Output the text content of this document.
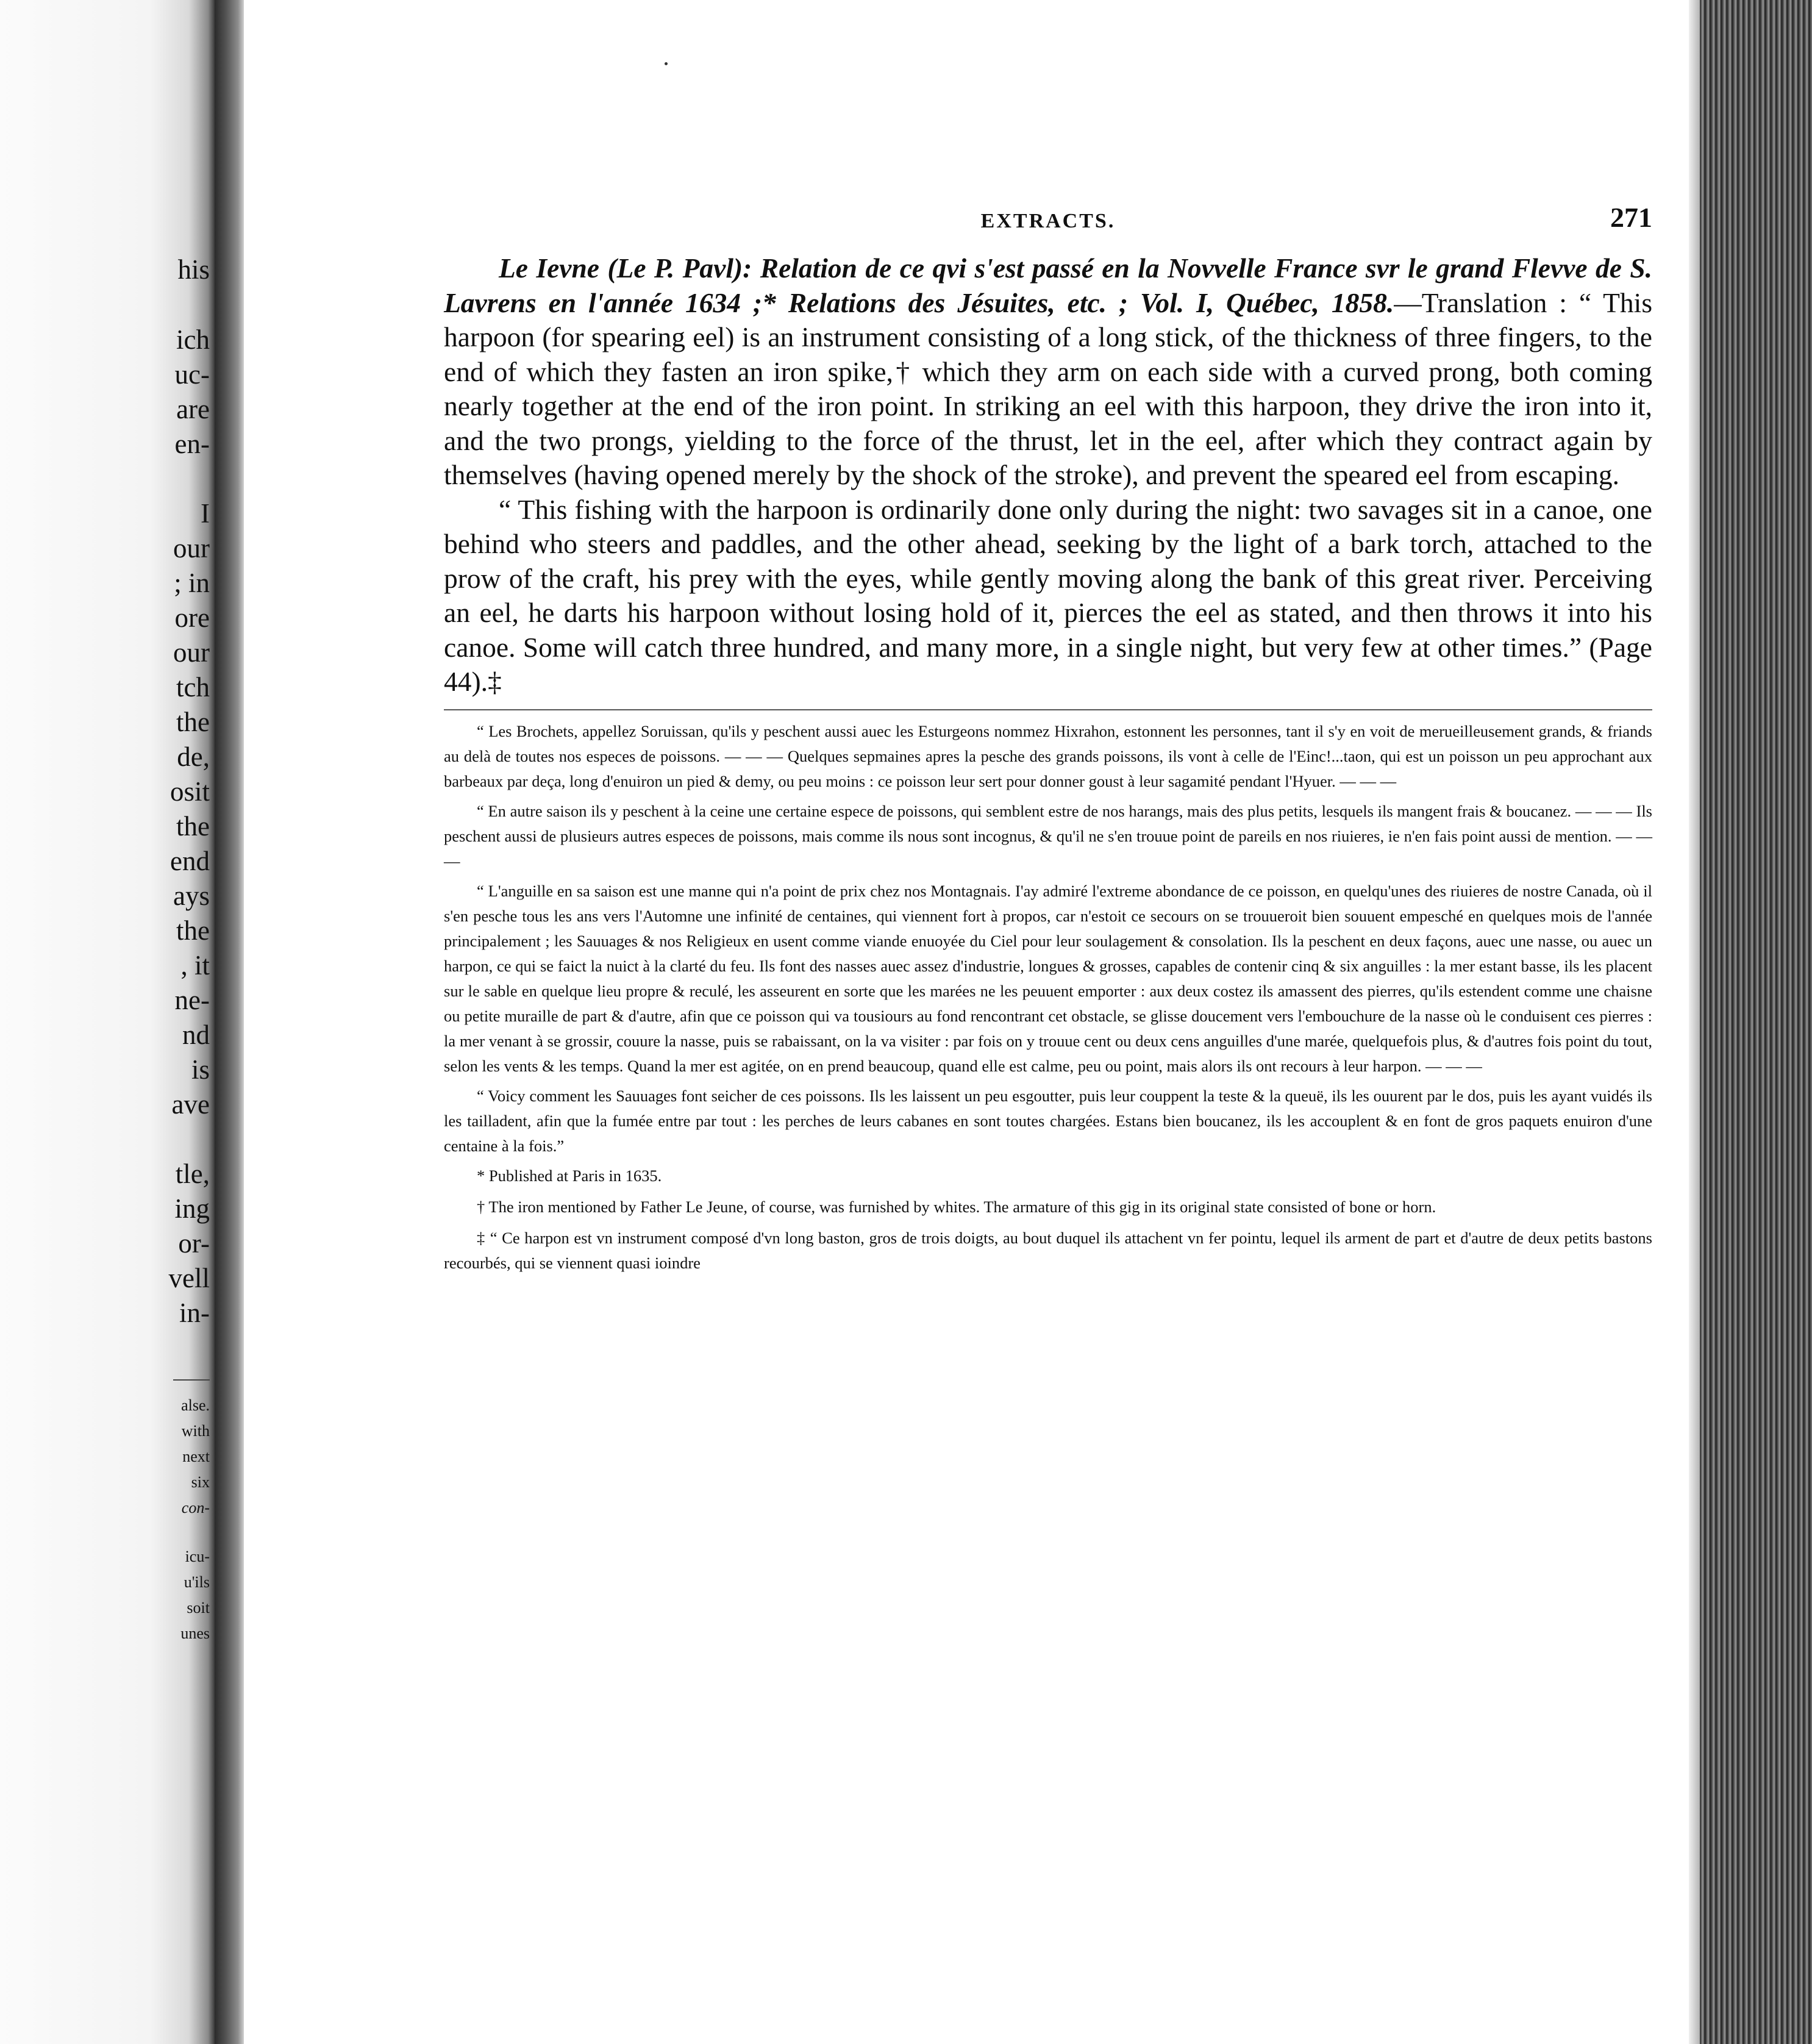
his
ich
uc-
are
en-
I
our
; in
ore
our
tch
the
de,
osit
the
end
ays
the
, it
ne-
nd
is
ave
tle,
ing
or-
vell
in-
alse.
with
next
six
con-
icu-
u'ils
soit
unes
EXTRACTS.	271

Le Ievne (Le P. Pavl): Relation de ce qvi s'est passé en la Novvelle France svr le grand Flevve de S. Lavrens en l'année 1634 ;* Relations des Jésuites, etc. ; Vol. I, Québec, 1858.—Translation : “ This harpoon (for spearing eel) is an instrument consisting of a long stick, of the thickness of three fingers, to the end of which they fasten an iron spike,† which they arm on each side with a curved prong, both coming nearly together at the end of the iron point. In striking an eel with this harpoon, they drive the iron into it, and the two prongs, yielding to the force of the thrust, let in the eel, after which they contract again by themselves (having opened merely by the shock of the stroke), and prevent the speared eel from escaping.

“ This fishing with the harpoon is ordinarily done only during the night: two savages sit in a canoe, one behind who steers and paddles, and the other ahead, seeking by the light of a bark torch, attached to the prow of the craft, his prey with the eyes, while gently moving along the bank of this great river. Perceiving an eel, he darts his harpoon without losing hold of it, pierces the eel as stated, and then throws it into his canoe. Some will catch three hundred, and many more, in a single night, but very few at other times.” (Page 44).‡

“ Les Brochets, appellez Soruissan, qu'ils y peschent aussi auec les Esturgeons nommez Hixrahon, estonnent les personnes, tant il s'y en voit de merueilleusement grands, & friands au delà de toutes nos especes de poissons. — — — Quelques sepmaines apres la pesche des grands poissons, ils vont à celle de l'Einc!...taon, qui est un poisson un peu approchant aux barbeaux par deça, long d'enuiron un pied & demy, ou peu moins : ce poisson leur sert pour donner goust à leur sagamité pendant l'Hyuer. — — —

“ En autre saison ils y peschent à la ceine une certaine espece de poissons, qui semblent estre de nos harangs, mais des plus petits, lesquels ils mangent frais & boucanez. — — — Ils peschent aussi de plusieurs autres especes de poissons, mais comme ils nous sont incognus, & qu'il ne s'en trouue point de pareils en nos riuieres, ie n'en fais point aussi de mention. — — —

“ L'anguille en sa saison est une manne qui n'a point de prix chez nos Montagnais. I'ay admiré l'extreme abondance de ce poisson, en quelqu'unes des riuieres de nostre Canada, où il s'en pesche tous les ans vers l'Automne une infinité de centaines, qui viennent fort à propos, car n'estoit ce secours on se trouueroit bien souuent empesché en quelques mois de l'année principalement ; les Sauuages & nos Religieux en usent comme viande enuoyée du Ciel pour leur soulagement & consolation. Ils la peschent en deux façons, auec une nasse, ou auec un harpon, ce qui se faict la nuict à la clarté du feu. Ils font des nasses auec assez d'industrie, longues & grosses, capables de contenir cinq & six anguilles : la mer estant basse, ils les placent sur le sable en quelque lieu propre & reculé, les asseurent en sorte que les marées ne les peuuent emporter : aux deux costez ils amassent des pierres, qu'ils estendent comme une chaisne ou petite muraille de part & d'autre, afin que ce poisson qui va tousiours au fond rencontrant cet obstacle, se glisse doucement vers l'embouchure de la nasse où le conduisent ces pierres : la mer venant à se grossir, couure la nasse, puis se rabaissant, on la va visiter : par fois on y trouue cent ou deux cens anguilles d'une marée, quelquefois plus, & d'autres fois point du tout, selon les vents & les temps. Quand la mer est agitée, on en prend beaucoup, quand elle est calme, peu ou point, mais alors ils ont recours à leur harpon. — — —

“ Voicy comment les Sauuages font seicher de ces poissons. Ils les laissent un peu esgoutter, puis leur couppent la teste & la queuë, ils les ouurent par le dos, puis les ayant vuidés ils les tailladent, afin que la fumée entre par tout : les perches de leurs cabanes en sont toutes chargées. Estans bien boucanez, ils les accouplent & en font de gros paquets enuiron d'une centaine à la fois.”

* Published at Paris in 1635.

† The iron mentioned by Father Le Jeune, of course, was furnished by whites. The armature of this gig in its original state consisted of bone or horn.

‡ “ Ce harpon est vn instrument composé d'vn long baston, gros de trois doigts, au bout duquel ils attachent vn fer pointu, lequel ils arment de part et d'autre de deux petits bastons recourbés, qui se viennent quasi ioindre
